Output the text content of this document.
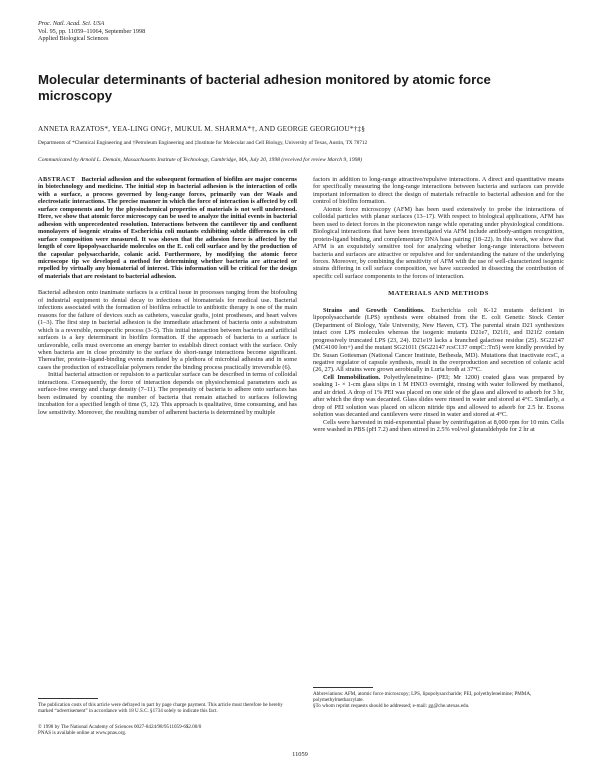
Proc. Natl. Acad. Sci. USA
Vol. 95, pp. 11059–11064, September 1998
Applied Biological Sciences
Molecular determinants of bacterial adhesion monitored by atomic force microscopy
ANNETA RAZATOS*, YEA-LING ONG†, MUKUL M. SHARMA*†, AND GEORGE GEORGIOU*†‡§
Departments of *Chemical Engineering and †Petroleum Engineering and ‡Institute for Molecular and Cell Biology, University of Texas, Austin, TX 78712
Communicated by Arnold L. Demain, Massachusetts Institute of Technology, Cambridge, MA, July 20, 1998 (received for review March 9, 1998)

ABSTRACT Bacterial adhesion and the subsequent formation of biofilm are major concerns in biotechnology and medicine. The initial step in bacterial adhesion is the interaction of cells with a surface, a process governed by long-range forces, primarily van der Waals and electrostatic interactions. The precise manner in which the force of interaction is affected by cell surface components and by the physiochemical properties of materials is not well understood. Here, we show that atomic force microscopy can be used to analyze the initial events in bacterial adhesion with unprecedented resolution. Interactions between the cantilever tip and confluent monolayers of isogenic strains of Escherichia coli mutants exhibiting subtle differences in cell surface composition were measured. It was shown that the adhesion force is affected by the length of core lipopolysaccharide molecules on the E. coli cell surface and by the production of the capsular polysaccharide, colanic acid. Furthermore, by modifying the atomic force microscope tip we developed a method for determining whether bacteria are attracted or repelled by virtually any biomaterial of interest. This information will be critical for the design of materials that are resistant to bacterial adhesion.

Bacterial adhesion onto inanimate surfaces is a critical issue in processes ranging from the biofouling of industrial equipment to dental decay to infections of biomaterials for medical use. Bacterial infections associated with the formation of biofilms refractile to antibiotic therapy is one of the main reasons for the failure of devices such as catheters, vascular grafts, joint prostheses, and heart valves (1–3). The first step in bacterial adhesion is the immediate attachment of bacteria onto a substratum which is a reversible, nonspecific process (3–5). This initial interaction between bacteria and artificial surfaces is a key determinant in biofilm formation. If the approach of bacteria to a surface is unfavorable, cells must overcome an energy barrier to establish direct contact with the surface. Only when bacteria are in close proximity to the surface do short-range interactions become significant. Thereafter, protein–ligand-binding events mediated by a plethora of microbial adhesins and in some cases the production of extracellular polymers render the binding process practically irreversible (6).

Initial bacterial attraction or repulsion to a particular surface can be described in terms of colloidal interactions. Consequently, the force of interaction depends on physiochemical parameters such as surface-free energy and charge density (7–11). The propensity of bacteria to adhere onto surfaces has been estimated by counting the number of bacteria that remain attached to surfaces following incubation for a specified length of time (5, 12). This approach is qualitative, time consuming, and has low sensitivity. Moreover, the resulting number of adherent bacteria is determined by multiple

The publication costs of this article were defrayed in part by page charge payment. This article must therefore be hereby marked “advertisement” in accordance with 18 U.S.C. §1734 solely to indicate this fact.
© 1998 by The National Academy of Sciences 0027-8424/98/9511059-6$2.00/0
PNAS is available online at www.pnas.org.

factors in addition to long-range attractive/repulsive interactions. A direct and quantitative means for specifically measuring the long-range interactions between bacteria and surfaces can provide important information to direct the design of materials refractile to bacterial adhesion and for the control of biofilm formation.

Atomic force microscopy (AFM) has been used extensively to probe the interactions of colloidal particles with planar surfaces (13–17). With respect to biological applications, AFM has been used to detect forces in the piconewton range while operating under physiological conditions. Biological interactions that have been investigated via AFM include antibody-antigen recognition, protein-ligand binding, and complementary DNA base pairing (18–22). In this work, we show that AFM is an exquisitely sensitive tool for analyzing whether long-range interactions between bacteria and surfaces are attractive or repulsive and for understanding the nature of the underlying forces. Moreover, by combining the sensitivity of AFM with the use of well-characterized isogenic strains differing in cell surface composition, we have succeeded in dissecting the contribution of specific cell surface components to the forces of interaction.

MATERIALS AND METHODS

Strains and Growth Conditions. Escherichia coli K-12 mutants deficient in lipopolysaccharide (LPS) synthesis were obtained from the E. coli Genetic Stock Center (Department of Biology, Yale University, New Haven, CT). The parental strain D21 synthesizes intact core LPS molecules whereas the isogenic mutants D21e7, D21f1, and D21f2 contain progressively truncated LPS (23, 24). D21e19 lacks a branched galactose residue (25). SG22147 (MC4100 lon+) and the mutant SG21011 (SG22147 rcsC137 ompC::Tn5) were kindly provided by Dr. Susan Gottesman (National Cancer Institute, Bethesda, MD). Mutations that inactivate rcsC, a negative regulator of capsule synthesis, result in the overproduction and secretion of colanic acid (26, 27). All strains were grown aerobically in Luria broth at 37°C.

Cell Immobilization. Polyethyleneimine- (PEI; Mr 1200) coated glass was prepared by soaking 1- × 1-cm glass slips in 1 M HNO3 overnight, rinsing with water followed by methanol, and air dried. A drop of 1% PEI was placed on one side of the glass and allowed to adsorb for 3 hr, after which the drop was decanted. Glass slides were rinsed in water and stored at 4°C. Similarly, a drop of PEI solution was placed on silicon nitride tips and allowed to adsorb for 2.5 hr. Excess solution was decanted and cantilevers were rinsed in water and stored at 4°C.

Cells were harvested in mid-exponential phase by centrifugation at 8,000 rpm for 10 min. Cells were washed in PBS (pH 7.2) and then stirred in 2.5% vol/vol glutaraldehyde for 2 hr at

Abbreviations: AFM, atomic force microscopy; LPS, lipopolysaccharide; PEI, polyethyleneimine; PMMA, polymethylmethacrylate.
§To whom reprint requests should be addressed; e-mail: gg@che.utexas.edu.
11059
